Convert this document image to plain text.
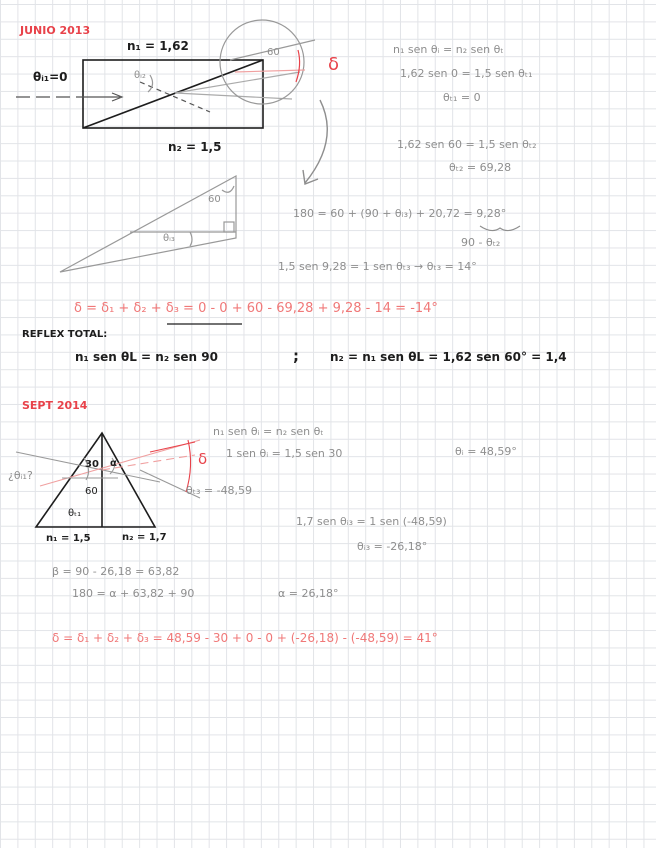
JUNIO 2013
n₁ = 1,62
n₂ = 1,5
θᵢ₁=0	θᵢ₂
60
δ
60
θᵢ₃
n₁ sen θᵢ = n₂ sen θₜ
1,62 sen 0 = 1,5 sen θₜ₁
θₜ₁ = 0
1,62 sen 60 = 1,5 sen θₜ₂
θₜ₂ = 69,28
180 = 60 + (90 + θᵢ₃) + 20,72 = 9,28°
90 - θₜ₂
1,5 sen 9,28 = 1 sen θₜ₃ → θₜ₃ = 14°
δ = δ₁ + δ₂ + δ₃ = 0 - 0 + 60 - 69,28 + 9,28 - 14 = -14°
REFLEX TOTAL:
n₁ sen θL = n₂ sen 90	;	n₂ = n₁ sen θL = 1,62 sen 60° = 1,4
SEPT 2014
n₁ sen θᵢ = n₂ sen θₜ
1 sen θᵢ = 1,5 sen 30	θᵢ = 48,59°
δ
θₜ₃ = -48,59
¿θᵢ₁?
30 α
60
θₜ₁
n₁ = 1,5	n₂ = 1,7
1,7 sen θᵢ₃ = 1 sen (-48,59)
θᵢ₃ = -26,18°
β = 90 - 26,18 = 63,82
180 = α + 63,82 + 90	α = 26,18°
δ = δ₁ + δ₂ + δ₃ = 48,59 - 30 + 0 - 0 + (-26,18) - (-48,59) = 41°
